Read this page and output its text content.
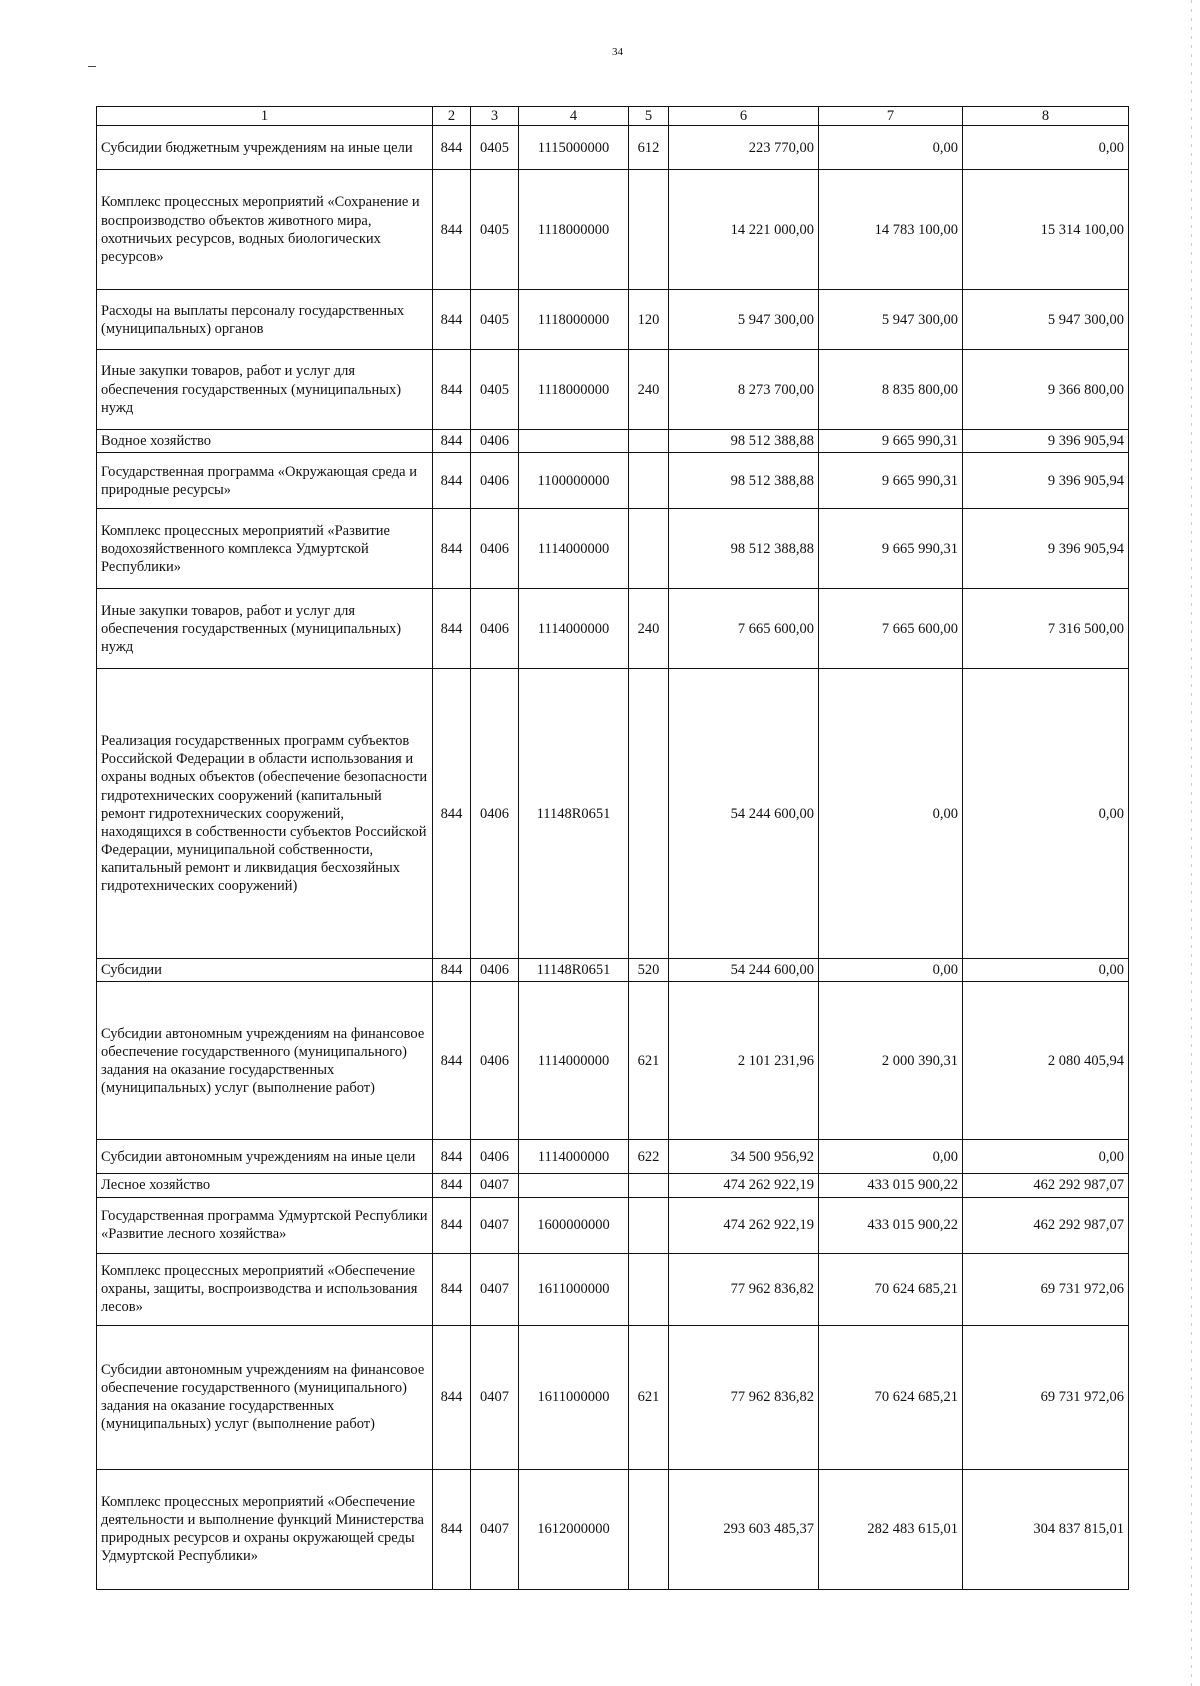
34
1	2	3	4	5	6	7	8
Субсидии бюджетным учреждениям на иные цели	844	0405	1115000000	612	223 770,00	0,00	0,00
Комплекс процессных мероприятий «Сохранение и воспроизводство объектов животного мира, охотничьих ресурсов, водных биологических ресурсов»	844	0405	1118000000		14 221 000,00	14 783 100,00	15 314 100,00
Расходы на выплаты персоналу государственных (муниципальных) органов	844	0405	1118000000	120	5 947 300,00	5 947 300,00	5 947 300,00
Иные закупки товаров, работ и услуг для обеспечения государственных (муниципальных) нужд	844	0405	1118000000	240	8 273 700,00	8 835 800,00	9 366 800,00
Водное хозяйство	844	0406			98 512 388,88	9 665 990,31	9 396 905,94
Государственная программа «Окружающая среда и природные ресурсы»	844	0406	1100000000		98 512 388,88	9 665 990,31	9 396 905,94
Комплекс процессных мероприятий «Развитие водохозяйственного комплекса Удмуртской Республики»	844	0406	1114000000		98 512 388,88	9 665 990,31	9 396 905,94
Иные закупки товаров, работ и услуг для обеспечения государственных (муниципальных) нужд	844	0406	1114000000	240	7 665 600,00	7 665 600,00	7 316 500,00
Реализация государственных программ субъектов Российской Федерации в области использования и охраны водных объектов (обеспечение безопасности гидротехнических сооружений (капитальный ремонт гидротехнических сооружений, находящихся в собственности субъектов Российской Федерации, муниципальной собственности, капитальный ремонт и ликвидация бесхозяйных гидротехнических сооружений)	844	0406	11148R0651		54 244 600,00	0,00	0,00
Субсидии	844	0406	11148R0651	520	54 244 600,00	0,00	0,00
Субсидии автономным учреждениям на финансовое обеспечение государственного (муниципального) задания на оказание государственных (муниципальных) услуг (выполнение работ)	844	0406	1114000000	621	2 101 231,96	2 000 390,31	2 080 405,94
Субсидии автономным учреждениям на иные цели	844	0406	1114000000	622	34 500 956,92	0,00	0,00
Лесное хозяйство	844	0407			474 262 922,19	433 015 900,22	462 292 987,07
Государственная программа Удмуртской Республики «Развитие лесного хозяйства»	844	0407	1600000000		474 262 922,19	433 015 900,22	462 292 987,07
Комплекс процессных мероприятий «Обеспечение охраны, защиты, воспроизводства и использования лесов»	844	0407	1611000000		77 962 836,82	70 624 685,21	69 731 972,06
Субсидии автономным учреждениям на финансовое обеспечение государственного (муниципального) задания на оказание государственных (муниципальных) услуг (выполнение работ)	844	0407	1611000000	621	77 962 836,82	70 624 685,21	69 731 972,06
Комплекс процессных мероприятий «Обеспечение деятельности и выполнение функций Министерства природных ресурсов и охраны окружающей среды Удмуртской Республики»	844	0407	1612000000		293 603 485,37	282 483 615,01	304 837 815,01
